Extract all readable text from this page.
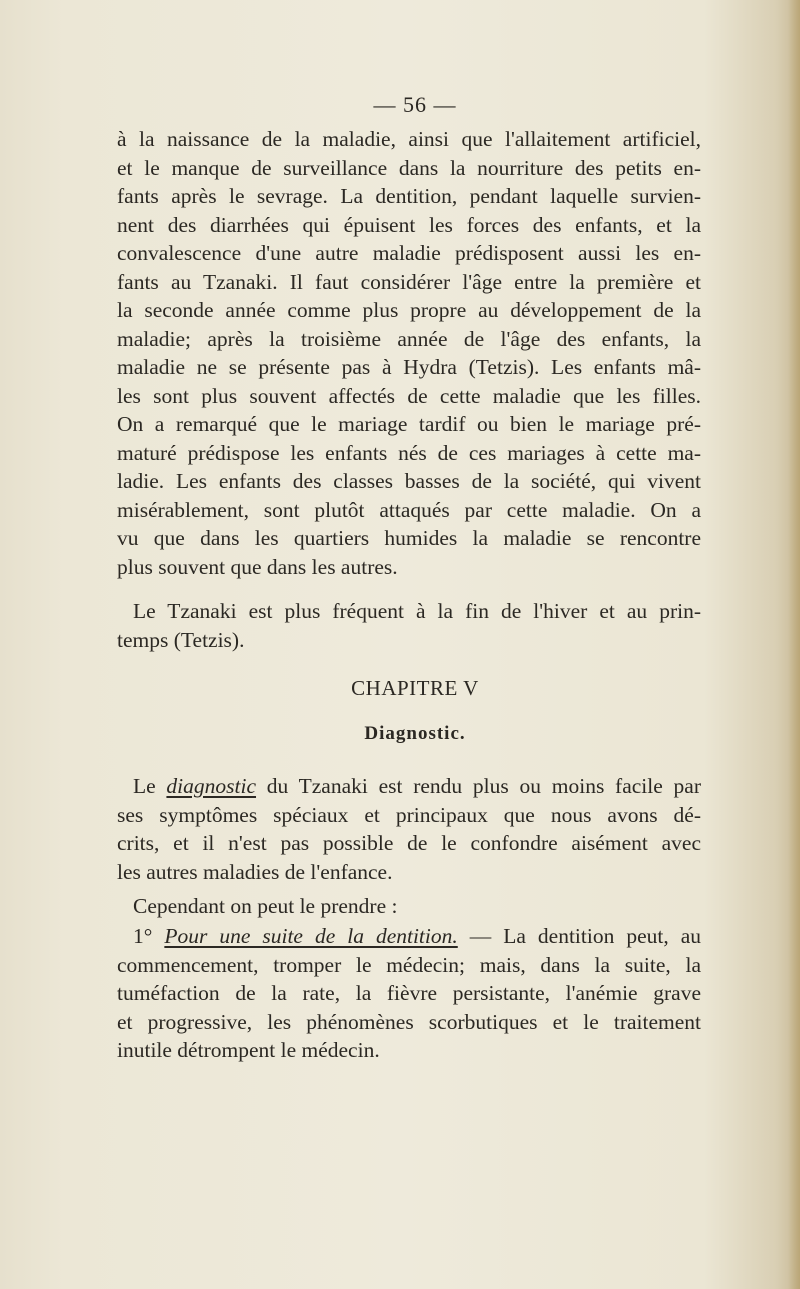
— 56 —
à la naissance de la maladie, ainsi que l'allaitement artificiel,
et le manque de surveillance dans la nourriture des petits en-
fants après le sevrage. La dentition, pendant laquelle survien-
nent des diarrhées qui épuisent les forces des enfants, et la
convalescence d'une autre maladie prédisposent aussi les en-
fants au Tzanaki. Il faut considérer l'âge entre la première et
la seconde année comme plus propre au développement de la
maladie; après la troisième année de l'âge des enfants, la
maladie ne se présente pas à Hydra (Tetzis). Les enfants mâ-
les sont plus souvent affectés de cette maladie que les filles.
On a remarqué que le mariage tardif ou bien le mariage pré-
maturé prédispose les enfants nés de ces mariages à cette ma-
ladie. Les enfants des classes basses de la société, qui vivent
misérablement, sont plutôt attaqués par cette maladie. On a
vu que dans les quartiers humides la maladie se rencontre
plus souvent que dans les autres.
Le Tzanaki est plus fréquent à la fin de l'hiver et au prin-
temps (Tetzis).
CHAPITRE V
Diagnostic.
Le diagnostic du Tzanaki est rendu plus ou moins facile par
ses symptômes spéciaux et principaux que nous avons dé-
crits, et il n'est pas possible de le confondre aisément avec
les autres maladies de l'enfance.
Cependant on peut le prendre :
1° Pour une suite de la dentition. — La dentition peut, au
commencement, tromper le médecin; mais, dans la suite, la
tuméfaction de la rate, la fièvre persistante, l'anémie grave
et progressive, les phénomènes scorbutiques et le traitement
inutile détrompent le médecin.
